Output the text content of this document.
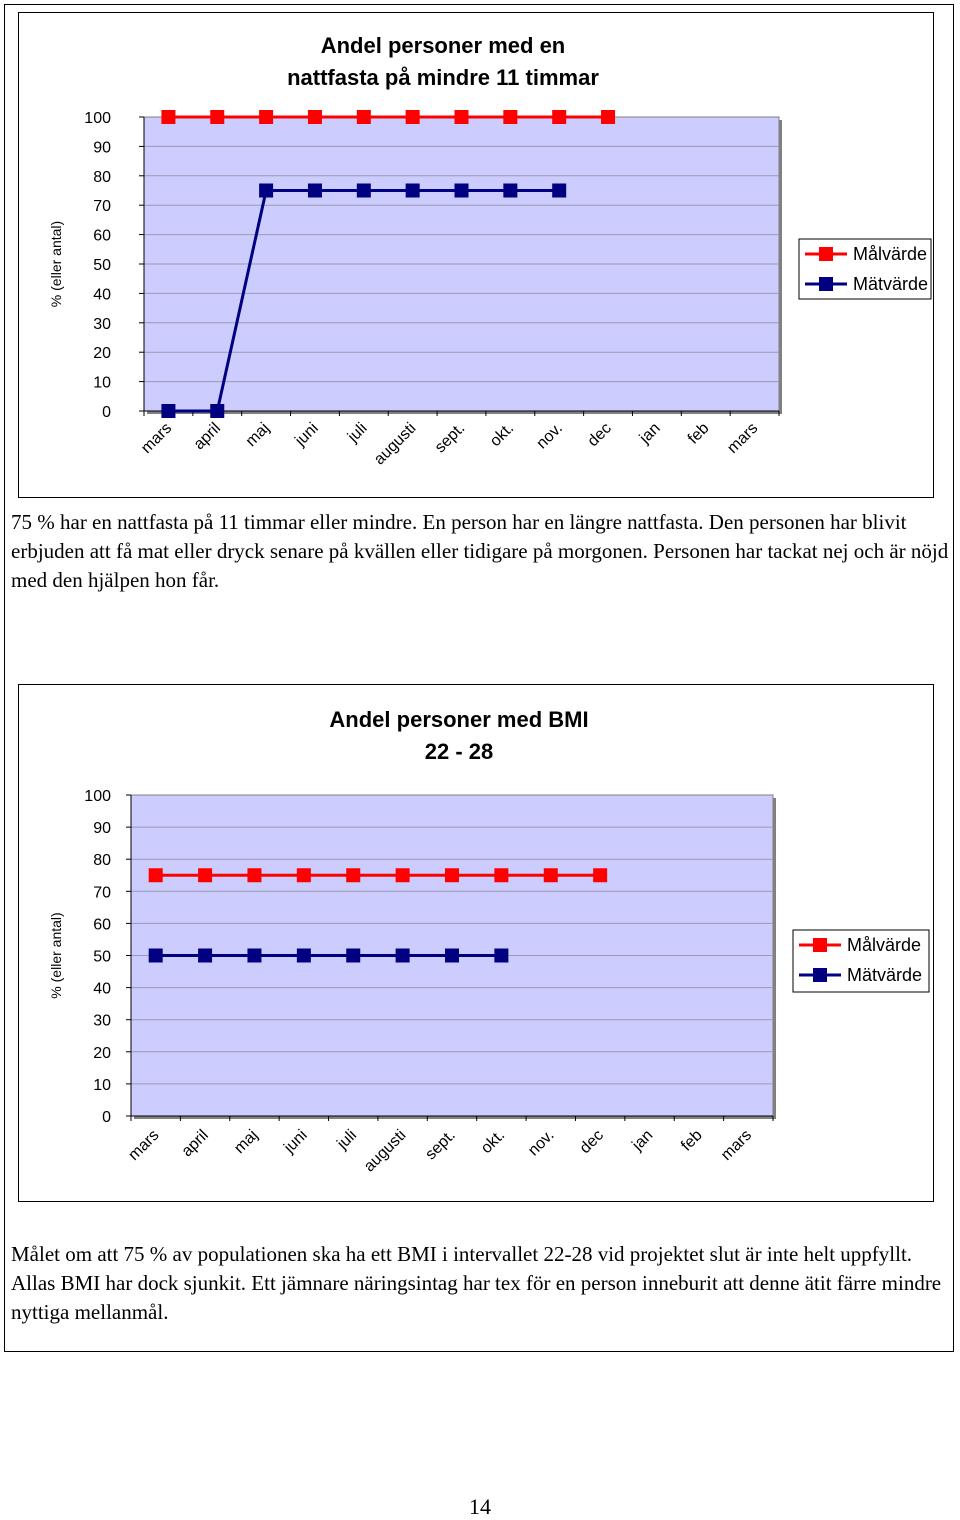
Andel personer med en
nattfasta på mindre 11 timmar
0
10
20
30
40
50
60
70
80
90
100
mars april maj juni juli augusti sept. okt. nov. dec jan feb mars
% (eller antal)	Målvärde
Mätvärde

75 % har en nattfasta på 11 timmar eller mindre. En person har en längre nattfasta. Den personen har blivit erbjuden att få mat eller dryck senare på kvällen eller tidigare på morgonen. Personen har tackat nej och är nöjd med den hjälpen hon får.

Andel personer med BMI
22 - 28
0
10
20
30
40
50
60
70
80
90
100
mars april maj juni juli augusti sept. okt. nov. dec jan feb mars
% (eller antal)	Målvärde
Mätvärde

Målet om att 75 % av populationen ska ha ett BMI i intervallet 22-28 vid projektet slut är inte helt uppfyllt. Allas BMI har dock sjunkit. Ett jämnare näringsintag har tex för en person inneburit att denne ätit färre mindre nyttiga mellanmål.

14
